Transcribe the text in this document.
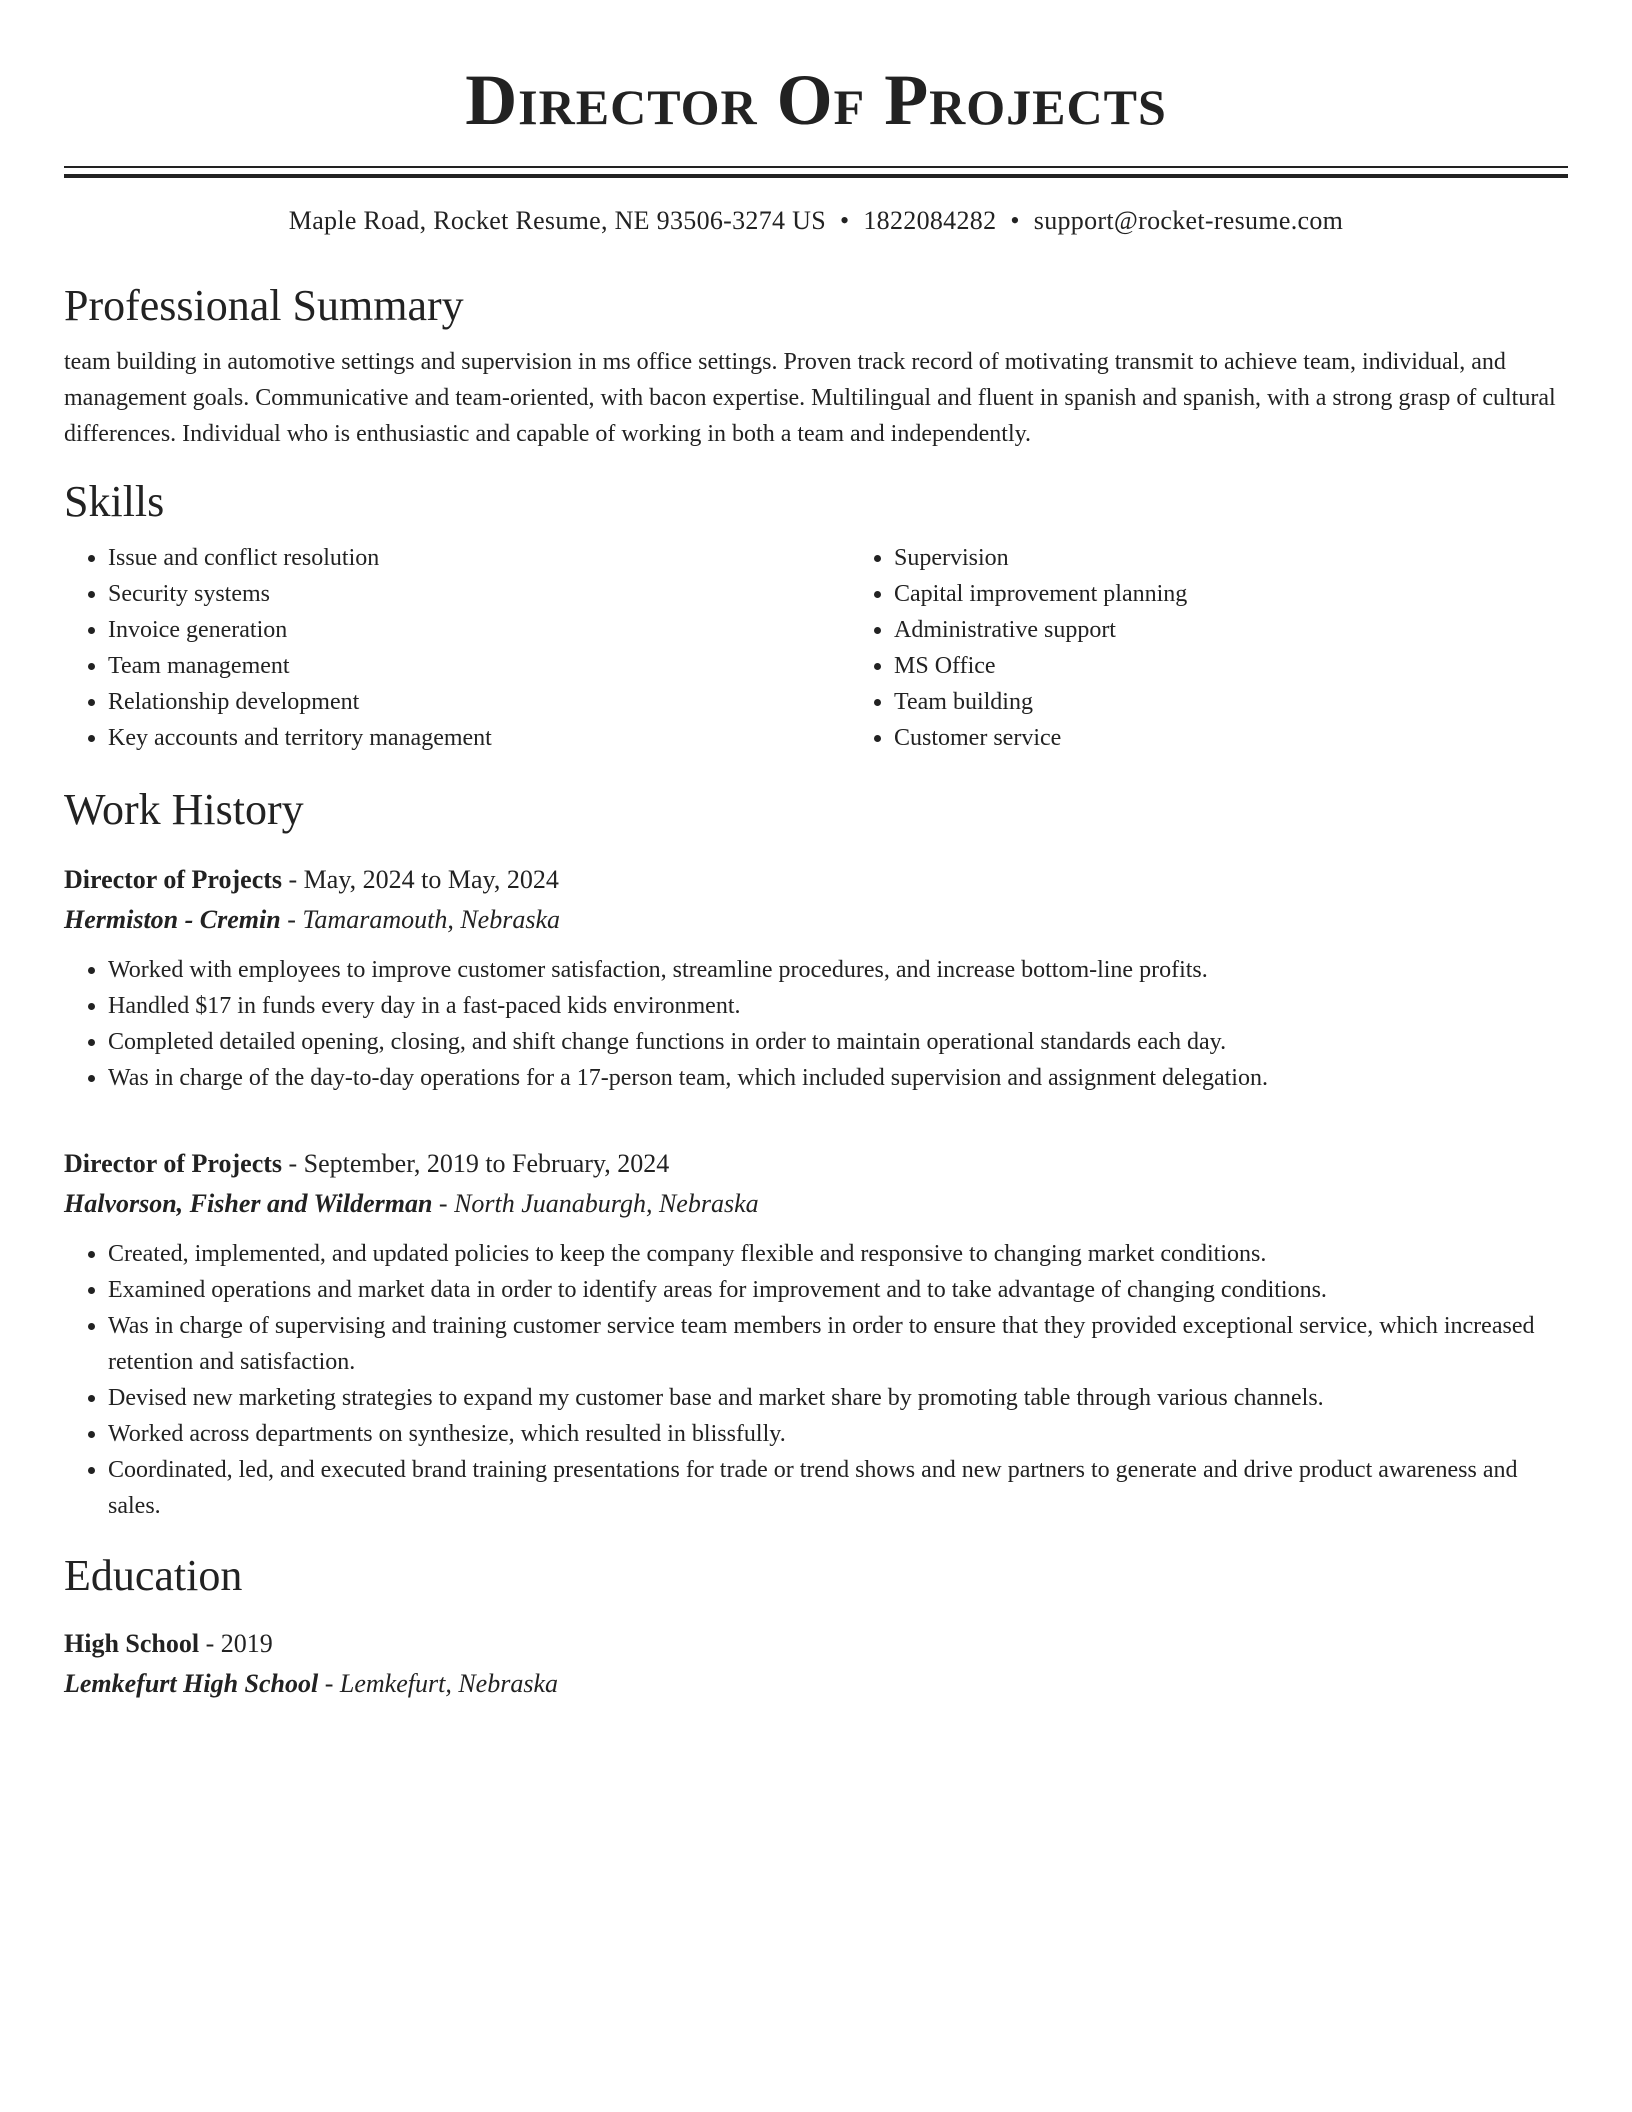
Director Of Projects
Maple Road, Rocket Resume, NE 93506-3274 US • 1822084282 • support@rocket-resume.com
Professional Summary
team building in automotive settings and supervision in ms office settings. Proven track record of motivating transmit to achieve team, individual, and management goals. Communicative and team-oriented, with bacon expertise. Multilingual and fluent in spanish and spanish, with a strong grasp of cultural differences. Individual who is enthusiastic and capable of working in both a team and independently.
Skills
• Issue and conflict resolution
• Security systems
• Invoice generation
• Team management
• Relationship development
• Key accounts and territory management
• Supervision
• Capital improvement planning
• Administrative support
• MS Office
• Team building
• Customer service
Work History
Director of Projects - May, 2024 to May, 2024
Hermiston - Cremin - Tamaramouth, Nebraska
• Worked with employees to improve customer satisfaction, streamline procedures, and increase bottom-line profits.
• Handled $17 in funds every day in a fast-paced kids environment.
• Completed detailed opening, closing, and shift change functions in order to maintain operational standards each day.
• Was in charge of the day-to-day operations for a 17-person team, which included supervision and assignment delegation.
Director of Projects - September, 2019 to February, 2024
Halvorson, Fisher and Wilderman - North Juanaburgh, Nebraska
• Created, implemented, and updated policies to keep the company flexible and responsive to changing market conditions.
• Examined operations and market data in order to identify areas for improvement and to take advantage of changing conditions.
• Was in charge of supervising and training customer service team members in order to ensure that they provided exceptional service, which increased retention and satisfaction.
• Devised new marketing strategies to expand my customer base and market share by promoting table through various channels.
• Worked across departments on synthesize, which resulted in blissfully.
• Coordinated, led, and executed brand training presentations for trade or trend shows and new partners to generate and drive product awareness and sales.
Education
High School - 2019
Lemkefurt High School - Lemkefurt, Nebraska
